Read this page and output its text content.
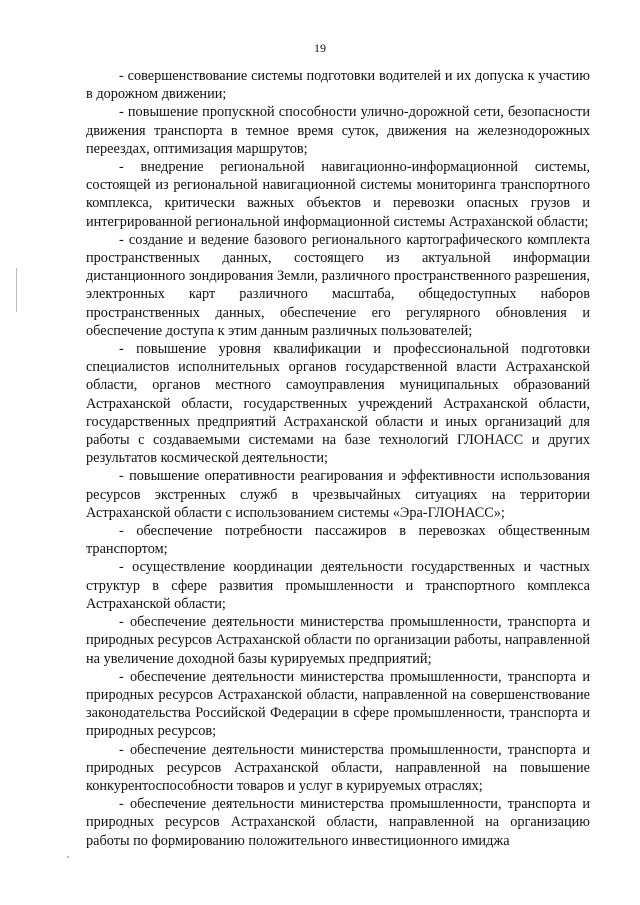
19

- совершенствование системы подготовки водителей и их допуска к участию в дорожном движении;

- повышение пропускной способности улично-дорожной сети, безопасности движения транспорта в темное время суток, движения на железнодорожных переездах, оптимизация маршрутов;

- внедрение региональной навигационно-информационной системы, состоящей из региональной навигационной системы мониторинга транспортного комплекса, критически важных объектов и перевозки опасных грузов и интегрированной региональной информационной системы Астраханской области;

- создание и ведение базового регионального картографического комплекта пространственных данных, состоящего из актуальной информации дистанционного зондирования Земли, различного пространственного разрешения, электронных карт различного масштаба, общедоступных наборов пространственных данных, обеспечение его регулярного обновления и обеспечение доступа к этим данным различных пользователей;

- повышение уровня квалификации и профессиональной подготовки специалистов исполнительных органов государственной власти Астраханской области, органов местного самоуправления муниципальных образований Астраханской области, государственных учреждений Астраханской области, государственных предприятий Астраханской области и иных организаций для работы с создаваемыми системами на базе технологий ГЛОНАСС и других результатов космической деятельности;

- повышение оперативности реагирования и эффективности использования ресурсов экстренных служб в чрезвычайных ситуациях на территории Астраханской области с использованием системы «Эра-ГЛОНАСС»;

- обеспечение потребности пассажиров в перевозках общественным транспортом;

- осуществление координации деятельности государственных и частных структур в сфере развития промышленности и транспортного комплекса Астраханской области;

- обеспечение деятельности министерства промышленности, транспорта и природных ресурсов Астраханской области по организации работы, направленной на увеличение доходной базы курируемых предприятий;

- обеспечение деятельности министерства промышленности, транспорта и природных ресурсов Астраханской области, направленной на совершенствование законодательства Российской Федерации в сфере промышленности, транспорта и природных ресурсов;

- обеспечение деятельности министерства промышленности, транспорта и природных ресурсов Астраханской области, направленной на повышение конкурентоспособности товаров и услуг в курируемых отраслях;

- обеспечение деятельности министерства промышленности, транспорта и природных ресурсов Астраханской области, направленной на организацию работы по формированию положительного инвестиционного имиджа
